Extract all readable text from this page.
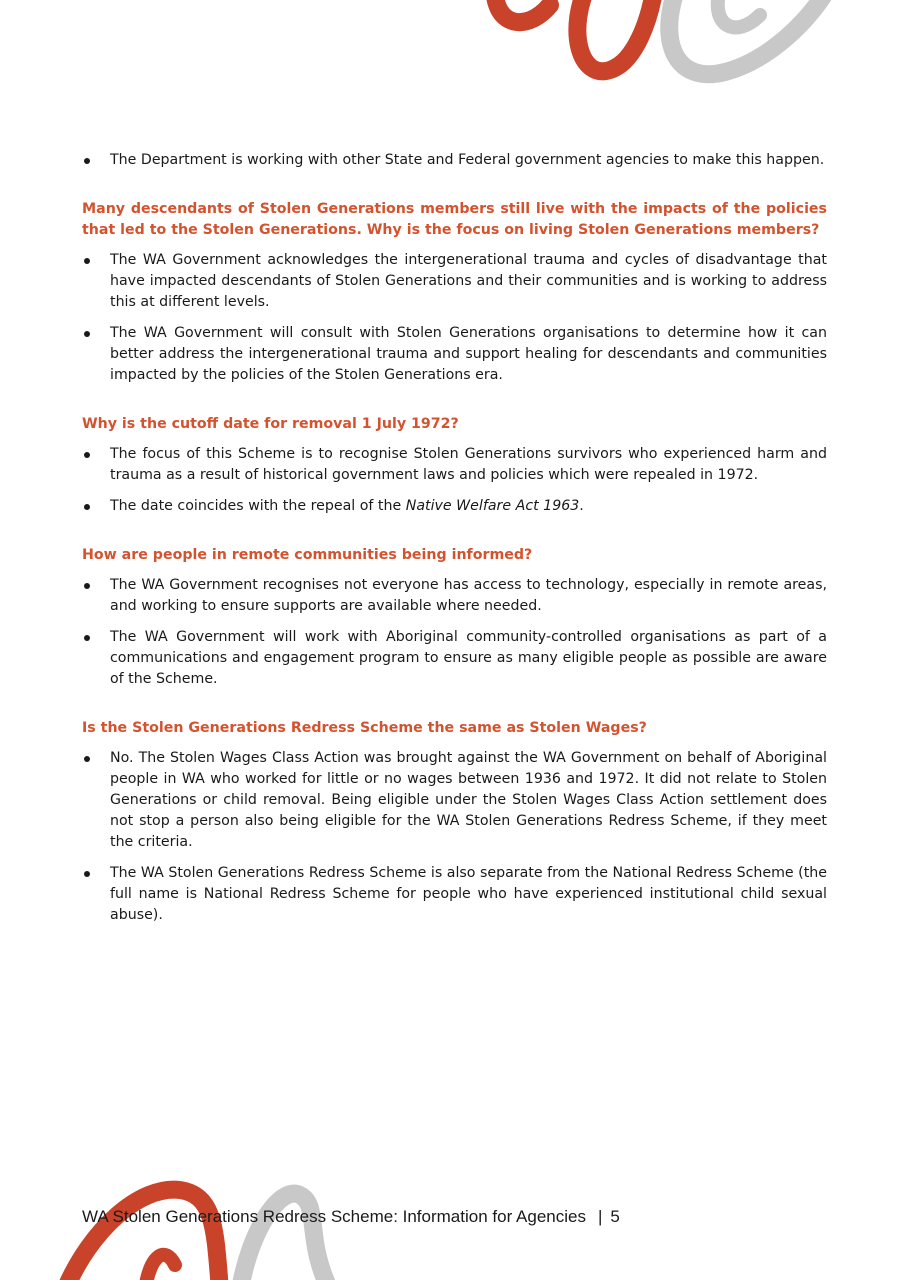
The Department is working with other State and Federal government agencies to make this happen.
Many descendants of Stolen Generations members still live with the impacts of the policies that led to the Stolen Generations. Why is the focus on living Stolen Generations members?
The WA Government acknowledges the intergenerational trauma and cycles of disadvantage that have impacted descendants of Stolen Generations and their communities and is working to address this at different levels.
The WA Government will consult with Stolen Generations organisations to determine how it can better address the intergenerational trauma and support healing for descendants and communities impacted by the policies of the Stolen Generations era.
Why is the cutoff date for removal 1 July 1972?
The focus of this Scheme is to recognise Stolen Generations survivors who experienced harm and trauma as a result of historical government laws and policies which were repealed in 1972.
The date coincides with the repeal of the Native Welfare Act 1963.
How are people in remote communities being informed?
The WA Government recognises not everyone has access to technology, especially in remote areas, and working to ensure supports are available where needed.
The WA Government will work with Aboriginal community-controlled organisations as part of a communications and engagement program to ensure as many eligible people as possible are aware of the Scheme.
Is the Stolen Generations Redress Scheme the same as Stolen Wages?
No. The Stolen Wages Class Action was brought against the WA Government on behalf of Aboriginal people in WA who worked for little or no wages between 1936 and 1972. It did not relate to Stolen Generations or child removal. Being eligible under the Stolen Wages Class Action settlement does not stop a person also being eligible for the WA Stolen Generations Redress Scheme, if they meet the criteria.
The WA Stolen Generations Redress Scheme is also separate from the National Redress Scheme (the full name is National Redress Scheme for people who have experienced institutional child sexual abuse).
WA Stolen Generations Redress Scheme: Information for Agencies | 5
